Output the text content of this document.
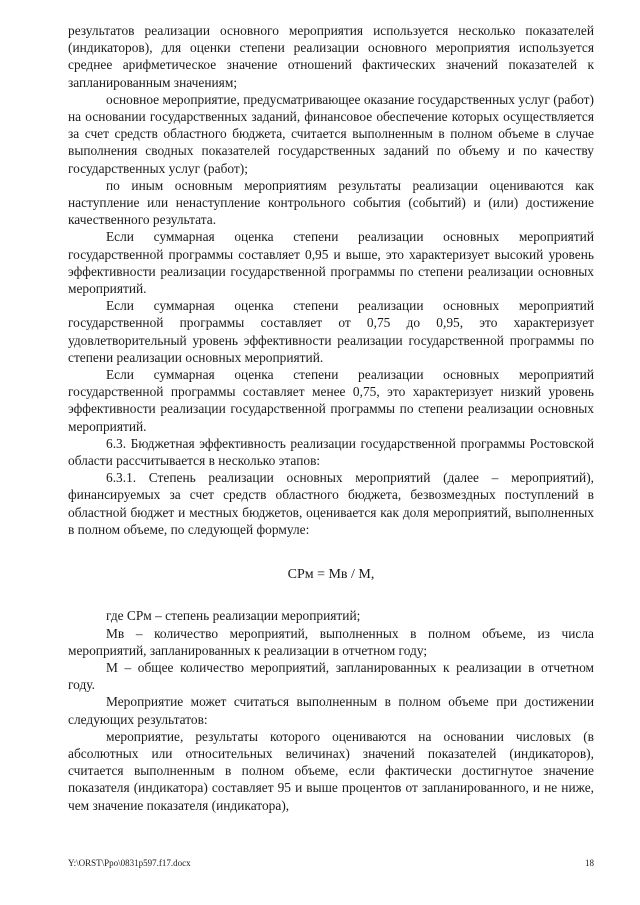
результатов реализации основного мероприятия используется несколько показателей (индикаторов), для оценки степени реализации основного мероприятия используется среднее арифметическое значение отношений фактических значений показателей к запланированным значениям;

основное мероприятие, предусматривающее оказание государственных услуг (работ) на основании государственных заданий, финансовое обеспечение которых осуществляется за счет средств областного бюджета, считается выполненным в полном объеме в случае выполнения сводных показателей государственных заданий по объему и по качеству государственных услуг (работ);

по иным основным мероприятиям результаты реализации оцениваются как наступление или ненаступление контрольного события (событий) и (или) достижение качественного результата.

Если суммарная оценка степени реализации основных мероприятий государственной программы составляет 0,95 и выше, это характеризует высокий уровень эффективности реализации государственной программы по степени реализации основных мероприятий.

Если суммарная оценка степени реализации основных мероприятий государственной программы составляет от 0,75 до 0,95, это характеризует удовлетворительный уровень эффективности реализации государственной программы по степени реализации основных мероприятий.

Если суммарная оценка степени реализации основных мероприятий государственной программы составляет менее 0,75, это характеризует низкий уровень эффективности реализации государственной программы по степени реализации основных мероприятий.

6.3. Бюджетная эффективность реализации государственной программы Ростовской области рассчитывается в несколько этапов:

6.3.1. Степень реализации основных мероприятий (далее – мероприятий), финансируемых за счет средств областного бюджета, безвозмездных поступлений в областной бюджет и местных бюджетов, оценивается как доля мероприятий, выполненных в полном объеме, по следующей формуле:

СРм = Мв / М,

где СРм – степень реализации мероприятий;

Мв – количество мероприятий, выполненных в полном объеме, из числа мероприятий, запланированных к реализации в отчетном году;

М – общее количество мероприятий, запланированных к реализации в отчетном году.

Мероприятие может считаться выполненным в полном объеме при достижении следующих результатов:

мероприятие, результаты которого оцениваются на основании числовых (в абсолютных или относительных величинах) значений показателей (индикаторов), считается выполненным в полном объеме, если фактически достигнутое значение показателя (индикатора) составляет 95 и выше процентов от запланированного, и не ниже, чем значение показателя (индикатора),

Y:\ORST\Ppo\0831p597.f17.docx	18
